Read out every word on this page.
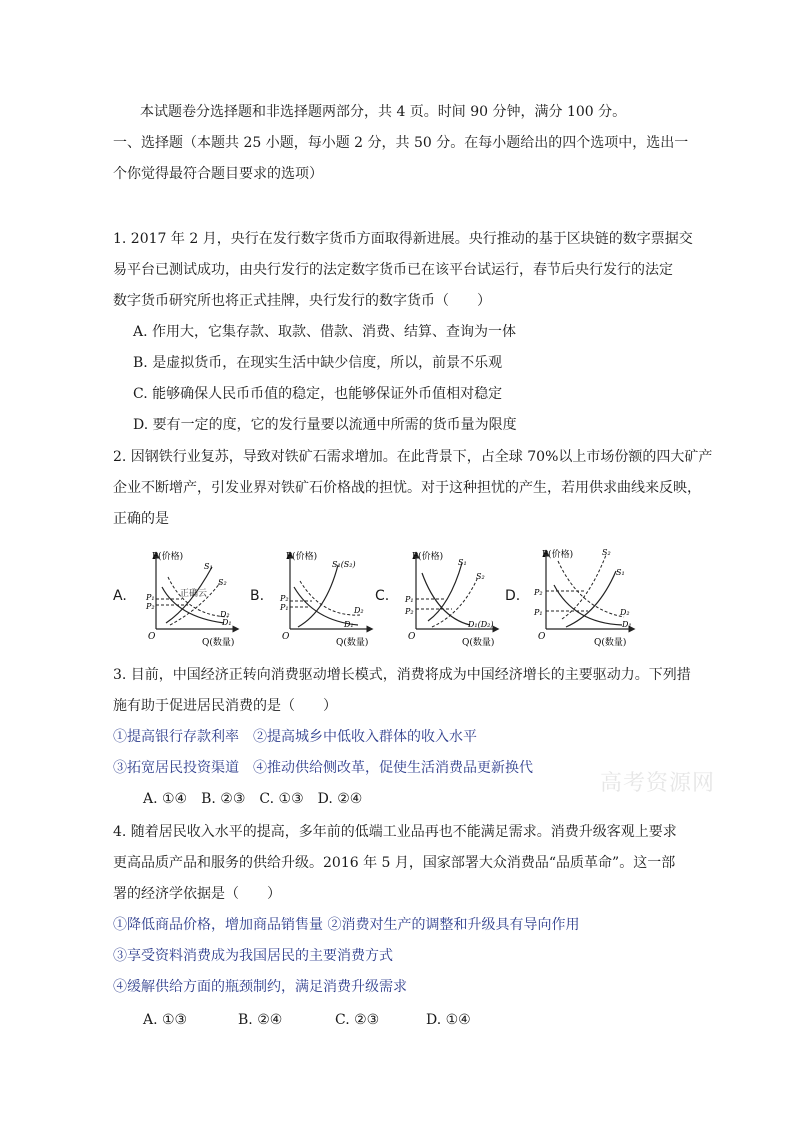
本试题卷分选择题和非选择题两部分，共 4 页。时间 90 分钟，满分 100 分。
一、选择题（本题共 25 小题，每小题 2 分，共 50 分。在每小题给出的四个选项中，选出一
个你觉得最符合题目要求的选项）
1. 2017 年 2 月，央行在发行数字货币方面取得新进展。央行推动的基于区块链的数字票据交
易平台已测试成功，由央行发行的法定数字货币已在该平台试运行，春节后央行发行的法定
数字货币研究所也将正式挂牌，央行发行的数字货币（　　）
A. 作用大，它集存款、取款、借款、消费、结算、查询为一体
B. 是虚拟货币，在现实生活中缺少信度，所以，前景不乐观
C. 能够确保人民币币值的稳定，也能够保证外币值相对稳定
D. 要有一定的度，它的发行量要以流通中所需的货币量为限度
2. 因钢铁行业复苏，导致对铁矿石需求增加。在此背景下，占全球 70%以上市场份额的四大矿产
企业不断增产，引发业界对铁矿石价格战的担忧。对于这种担忧的产生，若用供求曲线来反映，
正确的是
A.
P(价格)
O
Q(数量)
P₁
P₂
S₁
S₂
D₁
D₂
正确云	B.
P(价格)
O
Q(数量)
P₂
P₁
S₁(S₂)
D₂
D₁
C.
P(价格)
O
Q(数量)
P₁
P₂
S₁
S₂
D₁(D₂)
D.
P(价格)
O
Q(数量)
P₂
P₁
S₂
S₁
D₂
D₁
3. 目前，中国经济正转向消费驱动增长模式，消费将成为中国经济增长的主要驱动力。下列措
施有助于促进居民消费的是（　　）
①提高银行存款利率　②提高城乡中低收入群体的收入水平
③拓宽居民投资渠道　④推动供给侧改革，促使生活消费品更新换代
A. ①④　B. ②③　C. ①③　D. ②④
4. 随着居民收入水平的提高，多年前的低端工业品再也不能满足需求。消费升级客观上要求
更高品质产品和服务的供给升级。2016 年 5 月，国家部署大众消费品“品质革命”。这一部
署的经济学依据是（　　）
①降低商品价格，增加商品销售量 ②消费对生产的调整和升级具有导向作用
③享受资料消费成为我国居民的主要消费方式
④缓解供给方面的瓶颈制约，满足消费升级需求
A. ①③	B. ②④	C. ②③	D. ①④
高考资源网
